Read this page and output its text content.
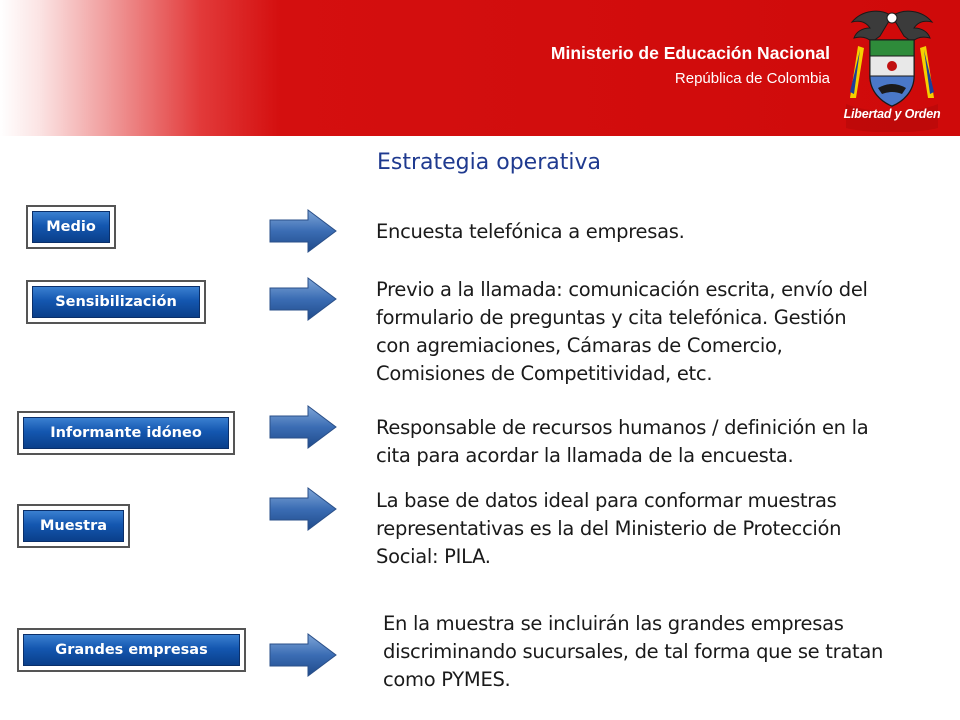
Ministerio de Educación Nacional
República de Colombia
Libertad y Orden
Estrategia operativa
Medio	Encuesta telefónica a empresas.
Sensibilización
Previo a la llamada: comunicación escrita, envío del
formulario de preguntas y cita telefónica. Gestión
con agremiaciones, Cámaras de Comercio,
Comisiones de Competitividad, etc.
Informante idóneo	Responsable de recursos humanos / definición en la
cita para acordar la llamada de la encuesta.
Muestra
La base de datos ideal para conformar muestras
representativas es la del Ministerio de Protección
Social: PILA.
Grandes empresas
En la muestra se incluirán las grandes empresas
discriminando sucursales, de tal forma que se tratan
como PYMES.
